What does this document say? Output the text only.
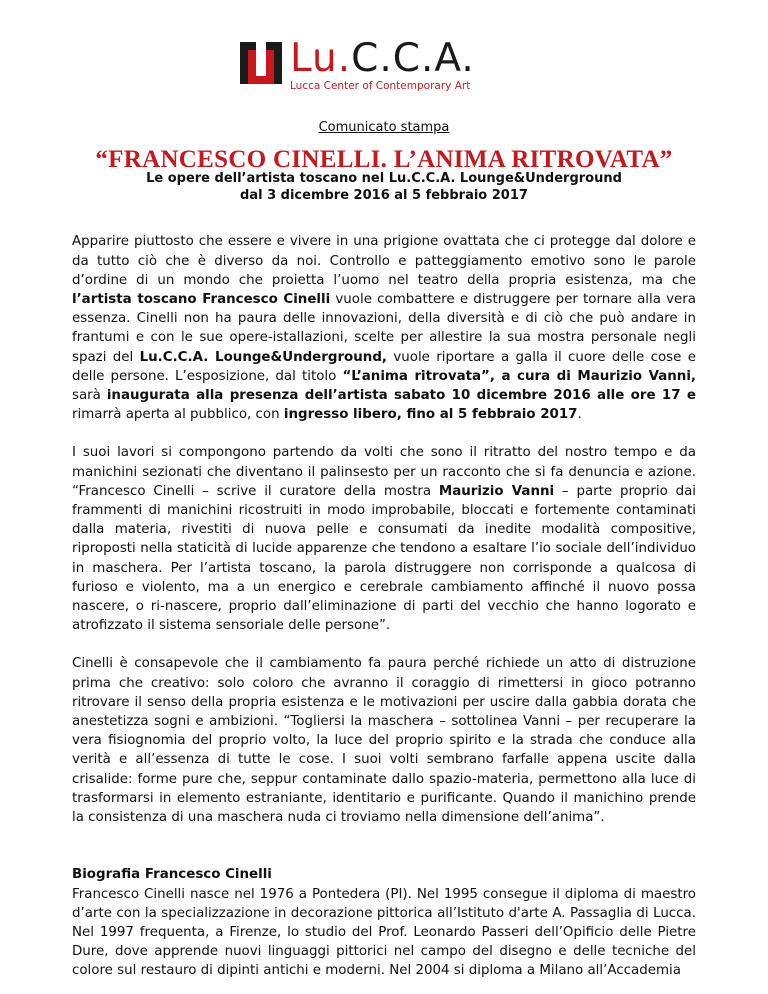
Lu.C.C.A.
Lucca Center of Contemporary Art
Comunicato stampa
“FRANCESCO CINELLI. L’ANIMA RITROVATA”
Le opere dell’artista toscano nel Lu.C.C.A. Lounge&Underground
dal 3 dicembre 2016 al 5 febbraio 2017

Apparire piuttosto che essere e vivere in una prigione ovattata che ci protegge dal dolore e da tutto ciò che è diverso da noi. Controllo e patteggiamento emotivo sono le parole d’ordine di un mondo che proietta l’uomo nel teatro della propria esistenza, ma che l’artista toscano Francesco Cinelli vuole combattere e distruggere per tornare alla vera essenza. Cinelli non ha paura delle innovazioni, della diversità e di ciò che può andare in frantumi e con le sue opere-istallazioni, scelte per allestire la sua mostra personale negli spazi del Lu.C.C.A. Lounge&Underground, vuole riportare a galla il cuore delle cose e delle persone. L’esposizione, dal titolo “L’anima ritrovata”, a cura di Maurizio Vanni, sarà inaugurata alla presenza dell’artista sabato 10 dicembre 2016 alle ore 17 e rimarrà aperta al pubblico, con ingresso libero, fino al 5 febbraio 2017.

I suoi lavori si compongono partendo da volti che sono il ritratto del nostro tempo e da manichini sezionati che diventano il palinsesto per un racconto che si fa denuncia e azione. “Francesco Cinelli – scrive il curatore della mostra Maurizio Vanni – parte proprio dai frammenti di manichini ricostruiti in modo improbabile, bloccati e fortemente contaminati dalla materia, rivestiti di nuova pelle e consumati da inedite modalità compositive, riproposti nella staticità di lucide apparenze che tendono a esaltare l’io sociale dell’individuo in maschera. Per l’artista toscano, la parola distruggere non corrisponde a qualcosa di furioso e violento, ma a un energico e cerebrale cambiamento affinché il nuovo possa nascere, o ri-nascere, proprio dall’eliminazione di parti del vecchio che hanno logorato e atrofizzato il sistema sensoriale delle persone”.

Cinelli è consapevole che il cambiamento fa paura perché richiede un atto di distruzione prima che creativo: solo coloro che avranno il coraggio di rimettersi in gioco potranno ritrovare il senso della propria esistenza e le motivazioni per uscire dalla gabbia dorata che anestetizza sogni e ambizioni. “Togliersi la maschera – sottolinea Vanni – per recuperare la vera fisiognomia del proprio volto, la luce del proprio spirito e la strada che conduce alla verità e all’essenza di tutte le cose. I suoi volti sembrano farfalle appena uscite dalla crisalide: forme pure che, seppur contaminate dallo spazio-materia, permettono alla luce di trasformarsi in elemento estraniante, identitario e purificante. Quando il manichino prende la consistenza di una maschera nuda ci troviamo nella dimensione dell’anima”.

Biografia Francesco Cinelli

Francesco Cinelli nasce nel 1976 a Pontedera (PI). Nel 1995 consegue il diploma di maestro d’arte con la specializzazione in decorazione pittorica all’Istituto d'arte A. Passaglia di Lucca. Nel 1997 frequenta, a Firenze, lo studio del Prof. Leonardo Passeri dell’Opificio delle Pietre Dure, dove apprende nuovi linguaggi pittorici nel campo del disegno e delle tecniche del colore sul restauro di dipinti antichi e moderni. Nel 2004 si diploma a Milano all’Accademia
